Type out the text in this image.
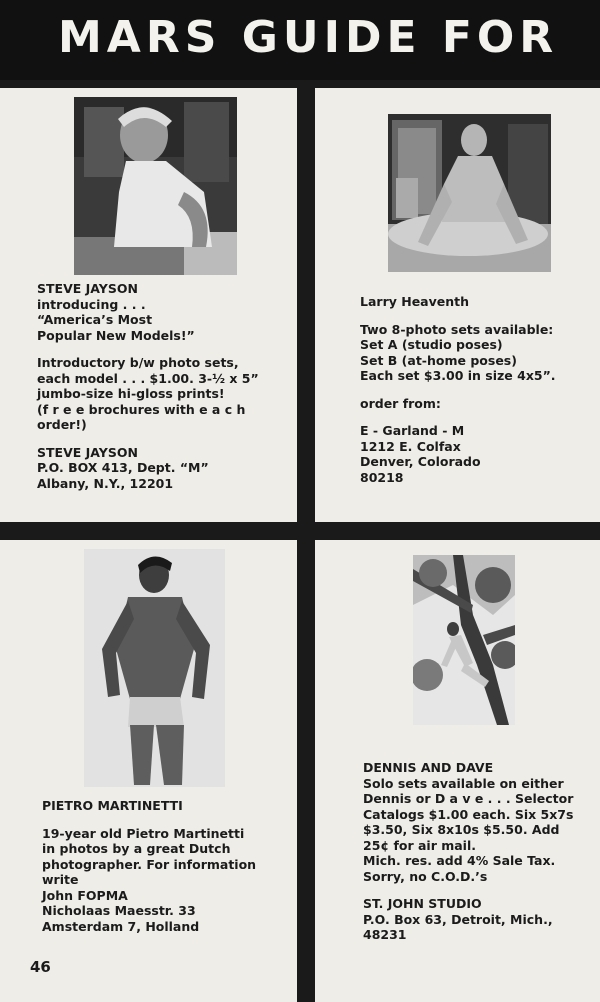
MARS GUIDE FOR
STEVE JAYSON
introducing . . .
“America’s Most
Popular New Models!”
Introductory b/w photo sets,
each model . . . $1.00. 3-½ x 5”
jumbo-size hi-gloss prints!
(f r e e brochures with e a c h
order!)
STEVE JAYSON
P.O. BOX 413, Dept. “M”
Albany, N.Y., 12201
Larry Heaventh
Two 8-photo sets available:
Set A (studio poses)
Set B (at-home poses)
Each set $3.00 in size 4x5”.
order from:
E - Garland - M
1212 E. Colfax
Denver, Colorado
80218
PIETRO MARTINETTI
19-year old Pietro Martinetti
in photos by a great Dutch
photographer. For information
write
John FOPMA
Nicholaas Maesstr. 33
Amsterdam 7, Holland
46
DENNIS AND DAVE
Solo sets available on either
Dennis or D a v e . . . Selector
Catalogs $1.00 each. Six 5x7s
$3.50, Six 8x10s $5.50. Add
25¢ for air mail.
Mich. res. add 4% Sale Tax.
Sorry, no C.O.D.’s
ST. JOHN STUDIO
P.O. Box 63, Detroit, Mich.,
48231
